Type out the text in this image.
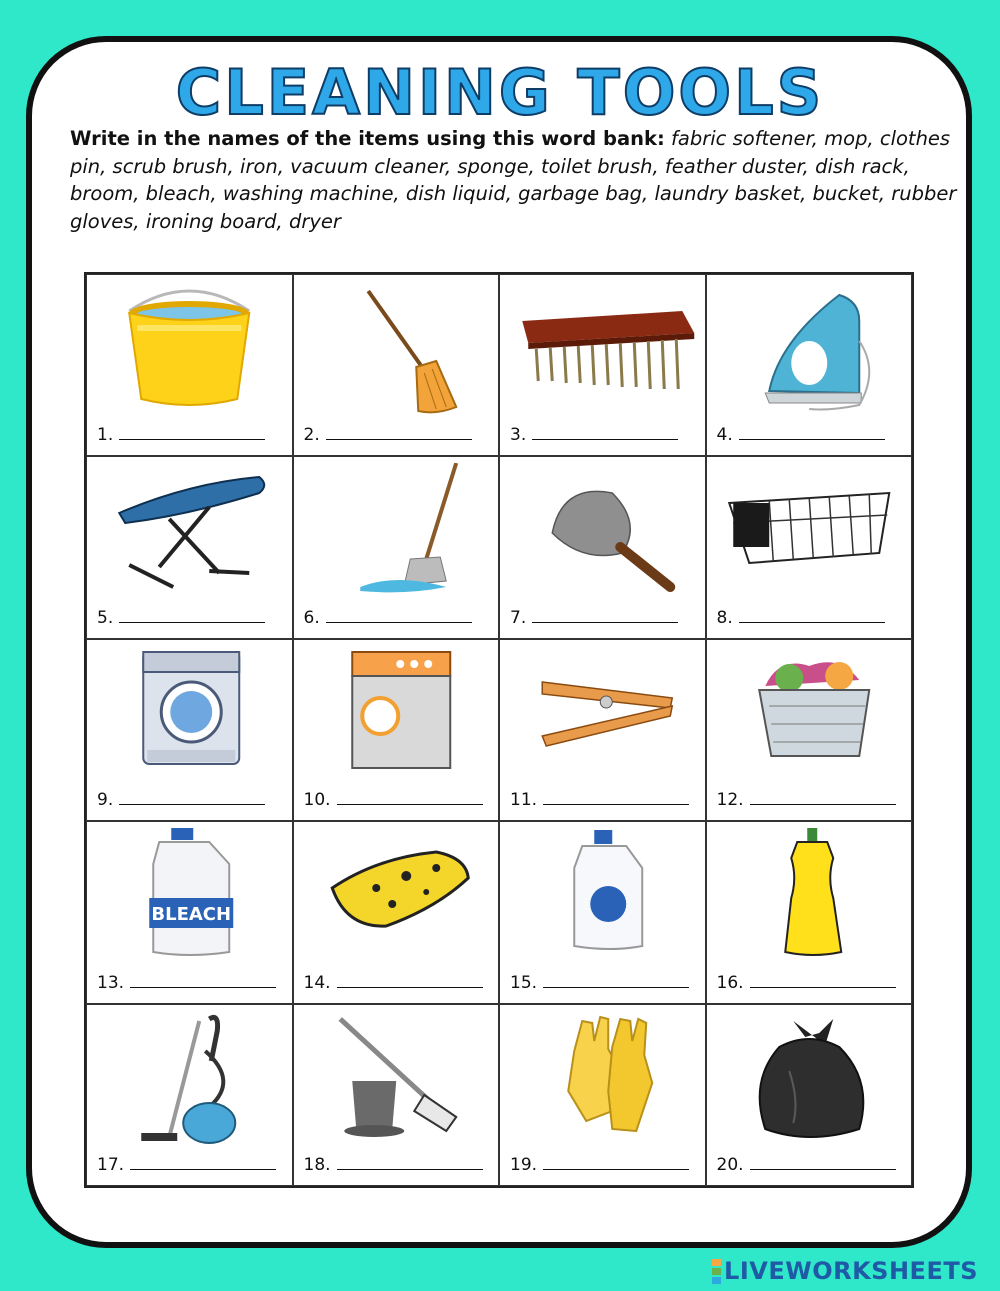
CLEANING TOOLS
Write in the names of the items using this word bank: fabric softener, mop, clothes pin, scrub brush, iron, vacuum cleaner, sponge, toilet brush, feather duster, dish rack, broom, bleach, washing machine, dish liquid, garbage bag, laundry basket, bucket, rubber gloves, ironing board, dryer
1.	2.	3.	4.
5.	6.	7.	8.
9.	10.	11.	12.
BLEACH
13.	14.	15.	16.
17.	18.	19.	20.
LIVEWORKSHEETS
